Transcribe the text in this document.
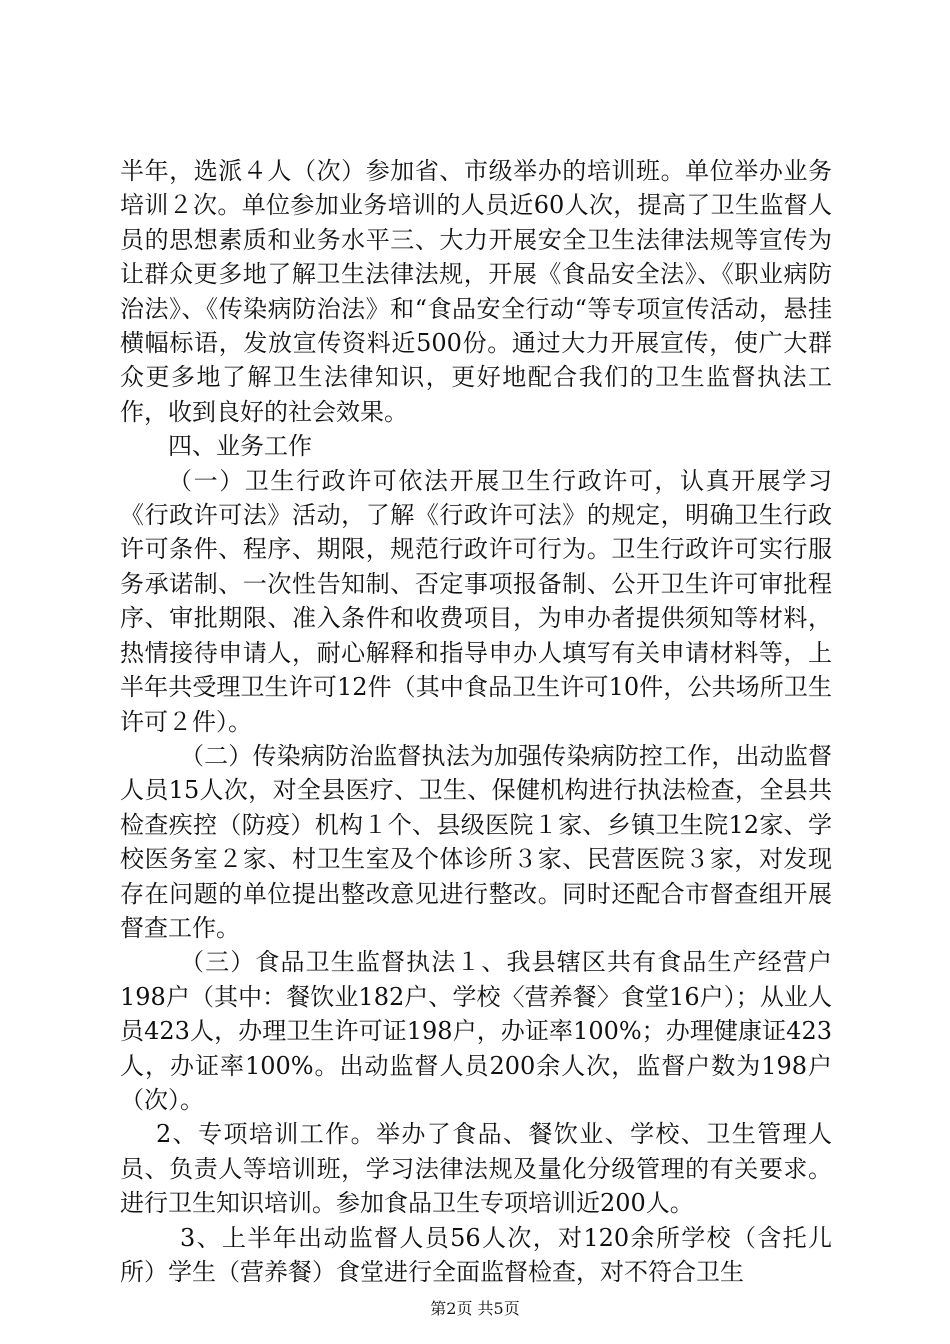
半年，选派４人（次）参加省、市级举办的培训班。单位举办业务培训２次。单位参加业务培训的人员近60人次，提高了卫生监督人员的思想素质和业务水平三、大力开展安全卫生法律法规等宣传为让群众更多地了解卫生法律法规，开展《食品安全法》、《职业病防治法》、《传染病防治法》和“食品安全行动“等专项宣传活动，悬挂横幅标语，发放宣传资料近500份。通过大力开展宣传，使广大群众更多地了解卫生法律知识，更好地配合我们的卫生监督执法工作，收到良好的社会效果。

四、业务工作

（一）卫生行政许可依法开展卫生行政许可，认真开展学习《行政许可法》活动，了解《行政许可法》的规定，明确卫生行政许可条件、程序、期限，规范行政许可行为。卫生行政许可实行服务承诺制、一次性告知制、否定事项报备制、公开卫生许可审批程序、审批期限、准入条件和收费项目，为申办者提供须知等材料，热情接待申请人，耐心解释和指导申办人填写有关申请材料等，上半年共受理卫生许可12件（其中食品卫生许可10件，公共场所卫生许可２件）。

（二）传染病防治监督执法为加强传染病防控工作，出动监督人员15人次，对全县医疗、卫生、保健机构进行执法检查，全县共检查疾控（防疫）机构１个、县级医院１家、乡镇卫生院12家、学校医务室２家、村卫生室及个体诊所３家、民营医院３家，对发现存在问题的单位提出整改意见进行整改。同时还配合市督查组开展督查工作。

（三）食品卫生监督执法１、我县辖区共有食品生产经营户198户（其中：餐饮业182户、学校〈营养餐〉食堂16户）；从业人员423人，办理卫生许可证198户，办证率100%；办理健康证423人，办证率100%。出动监督人员200余人次，监督户数为198户（次）。

2、专项培训工作。举办了食品、餐饮业、学校、卫生管理人员、负责人等培训班，学习法律法规及量化分级管理的有关要求。进行卫生知识培训。参加食品卫生专项培训近200人。

3、上半年出动监督人员56人次，对120余所学校（含托儿所）学生（营养餐）食堂进行全面监督检查，对不符合卫生

第2页 共5页
